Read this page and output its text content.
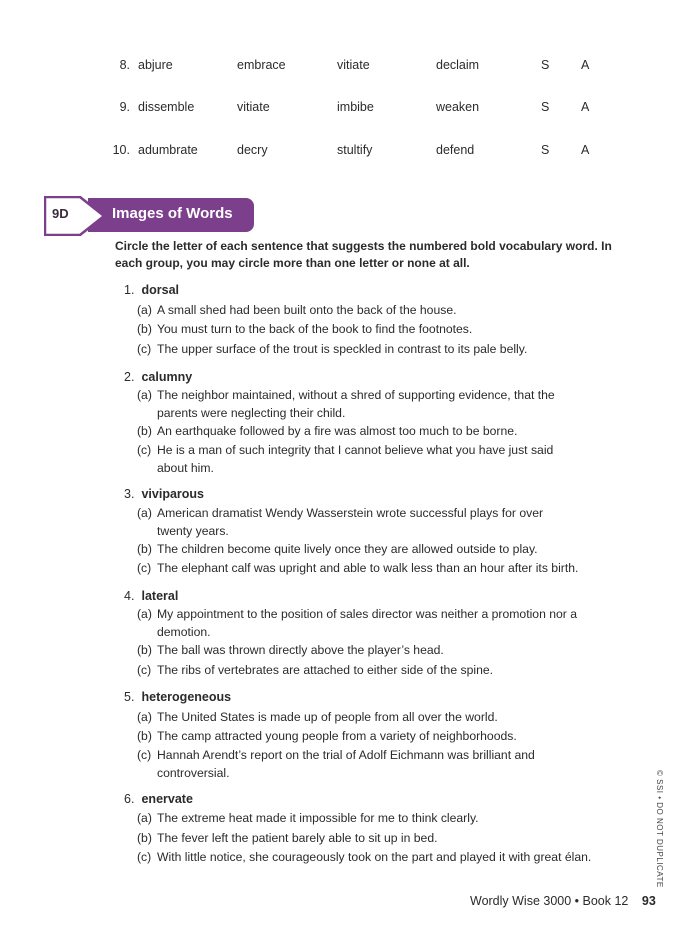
8. abjure	embrace	vitiate	declaim	S	A
9. dissemble	vitiate	imbibe	weaken	S	A
10. adumbrate	decry	stultify	defend	S	A
9D	Images of Words
Circle the letter of each sentence that suggests the numbered bold vocabulary word. In each group, you may circle more than one letter or none at all.
1. dorsal
(a) A small shed had been built onto the back of the house.
(b) You must turn to the back of the book to find the footnotes.
(c) The upper surface of the trout is speckled in contrast to its pale belly.
2. calumny
(a) The neighbor maintained, without a shred of supporting evidence, that the parents were neglecting their child.
(b) An earthquake followed by a fire was almost too much to be borne.
(c) He is a man of such integrity that I cannot believe what you have just said about him.
3. viviparous
(a) American dramatist Wendy Wasserstein wrote successful plays for over twenty years.
(b) The children become quite lively once they are allowed outside to play.
(c) The elephant calf was upright and able to walk less than an hour after its birth.
4. lateral
(a) My appointment to the position of sales director was neither a promotion nor a demotion.
(b) The ball was thrown directly above the player’s head.
(c) The ribs of vertebrates are attached to either side of the spine.
5. heterogeneous
(a) The United States is made up of people from all over the world.
(b) The camp attracted young people from a variety of neighborhoods.
(c) Hannah Arendt’s report on the trial of Adolf Eichmann was brilliant and controversial.
6. enervate
(a) The extreme heat made it impossible for me to think clearly.
(b) The fever left the patient barely able to sit up in bed.
(c) With little notice, she courageously took on the part and played it with great élan.	© SSI • DO NOT DUPLICATE
Wordly Wise 3000 • Book 12 93
